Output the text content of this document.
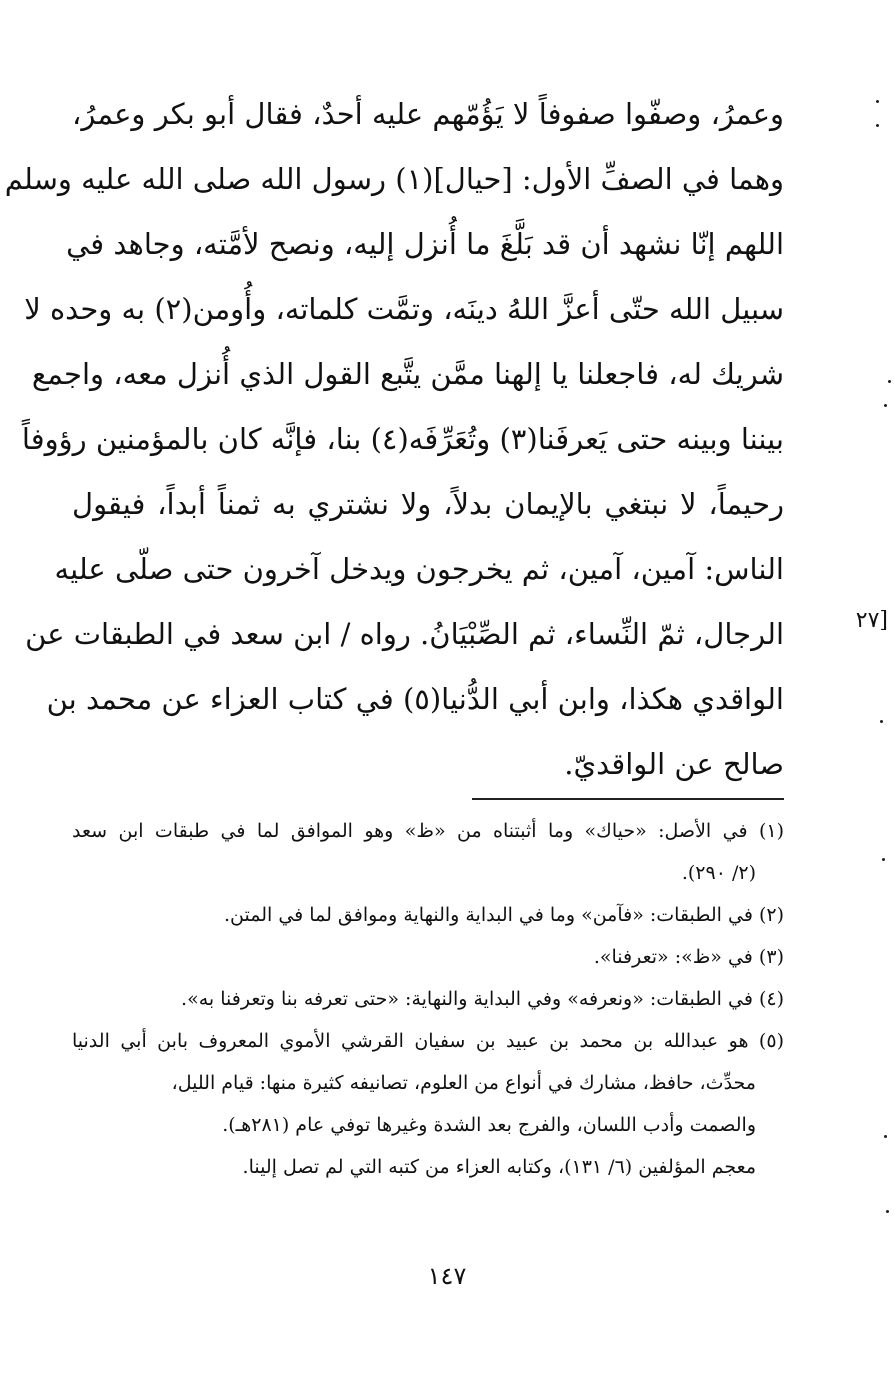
وعمرُ، وصفّوا صفوفاً لا يَؤُمّهم عليه أحدٌ، فقال أبو بكر وعمرُ،
وهما في الصفِّ الأول: [حيال](١) رسول الله صلى الله عليه وسلم
اللهم إنّا نشهد أن قد بَلَّغَ ما أُنزل إليه، ونصح لأمَّته، وجاهد في
سبيل الله حتّى أعزَّ اللهُ دينَه، وتمَّت كلماته، وأُومن(٢) به وحده لا
شريك له، فاجعلنا يا إلهنا ممَّن يتَّبع القول الذي أُنزل معه، واجمع
بيننا وبينه حتى يَعرفَنا(٣) وتُعَرِّفَه(٤) بنا، فإنَّه كان بالمؤمنين رؤوفاً
رحيماً، لا نبتغي بالإيمان بدلاً، ولا نشتري به ثمناً أبداً، فيقول
الناس: آمين، آمين، ثم يخرجون ويدخل آخرون حتى صلّى عليه
الرجال، ثمّ النِّساء، ثم الصِّبْيَانُ. رواه / ابن سعد في الطبقات عن
الواقدي هكذا، وابن أبي الدُّنيا(٥) في كتاب العزاء عن محمد بن
صالح عن الواقديّ.
[٢٧
(١) في الأصل: «حياك» وما أثبتناه من «ظ» وهو الموافق لما في طبقات ابن سعد
(٢/ ٢٩٠).
(٢) في الطبقات: «فآمن» وما في البداية والنهاية وموافق لما في المتن.
(٣) في «ظ»: «تعرفنا».
(٤) في الطبقات: «ونعرفه» وفي البداية والنهاية: «حتى تعرفه بنا وتعرفنا به».
(٥) هو عبدالله بن محمد بن عبيد بن سفيان القرشي الأموي المعروف بابن أبي الدنيا
محدِّث، حافظ، مشارك في أنواع من العلوم، تصانيفه كثيرة منها: قيام الليل،
والصمت وأدب اللسان، والفرج بعد الشدة وغيرها توفي عام (٢٨١هـ).
معجم المؤلفين (٦/ ١٣١)، وكتابه العزاء من كتبه التي لم تصل إلينا.
١٤٧
